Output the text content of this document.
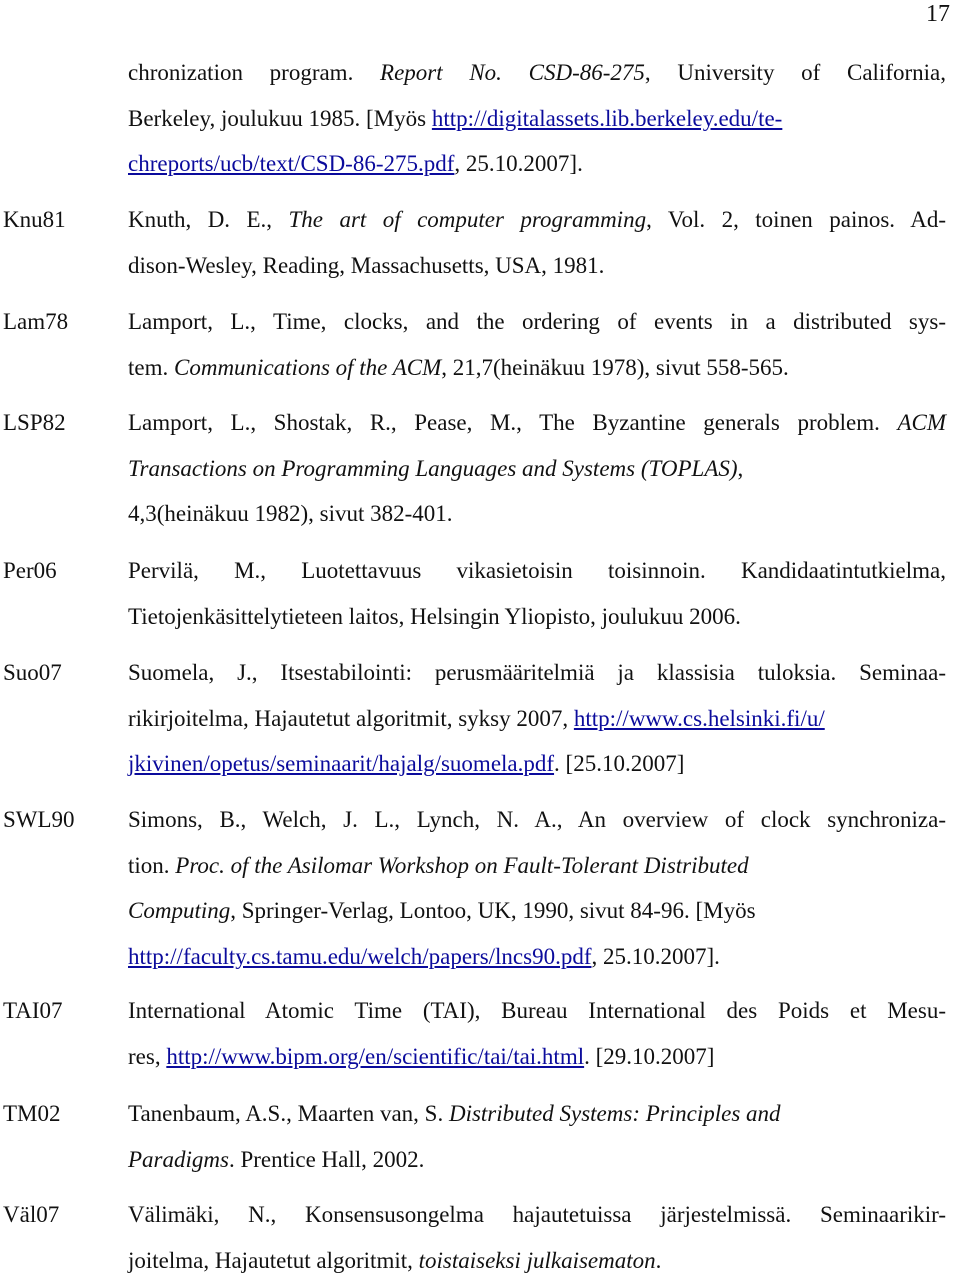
17
chronization program. Report No. CSD-86-275, University of California,
Berkeley, joulukuu 1985. [Myös http://digitalassets.lib.berkeley.edu/te-
chreports/ucb/text/CSD-86-275.pdf, 25.10.2007].
Knu81	Knuth, D. E., The art of computer programming, Vol. 2, toinen painos. Ad-
dison-Wesley, Reading, Massachusetts, USA, 1981.
Lam78	Lamport, L., Time, clocks, and the ordering of events in a distributed sys-
tem. Communications of the ACM, 21,7(heinäkuu 1978), sivut 558-565.
LSP82	Lamport, L., Shostak, R., Pease, M., The Byzantine generals problem. ACM
Transactions on Programming Languages and Systems (TOPLAS),
4,3(heinäkuu 1982), sivut 382-401.
Per06	Pervilä, M., Luotettavuus vikasietoisin toisinnoin. Kandidaatintutkielma,
Tietojenkäsittelytieteen laitos, Helsingin Yliopisto, joulukuu 2006.
Suo07	Suomela, J., Itsestabilointi: perusmääritelmiä ja klassisia tuloksia. Seminaa-
rikirjoitelma, Hajautetut algoritmit, syksy 2007, http://www.cs.helsinki.fi/u/
jkivinen/opetus/seminaarit/hajalg/suomela.pdf. [25.10.2007]
SWL90 Simons, B., Welch, J. L., Lynch, N. A., An overview of clock synchroniza-
tion. Proc. of the Asilomar Workshop on Fault-Tolerant Distributed
Computing, Springer-Verlag, Lontoo, UK, 1990, sivut 84-96. [Myös
http://faculty.cs.tamu.edu/welch/papers/lncs90.pdf, 25.10.2007].
TAI07	International Atomic Time (TAI), Bureau International des Poids et Mesu-
res, http://www.bipm.org/en/scientific/tai/tai.html. [29.10.2007]
TM02	Tanenbaum, A.S., Maarten van, S. Distributed Systems: Principles and
Paradigms. Prentice Hall, 2002.
Väl07	Välimäki, N., Konsensusongelma hajautetuissa järjestelmissä. Seminaarikir-
joitelma, Hajautetut algoritmit, toistaiseksi julkaisematon.
